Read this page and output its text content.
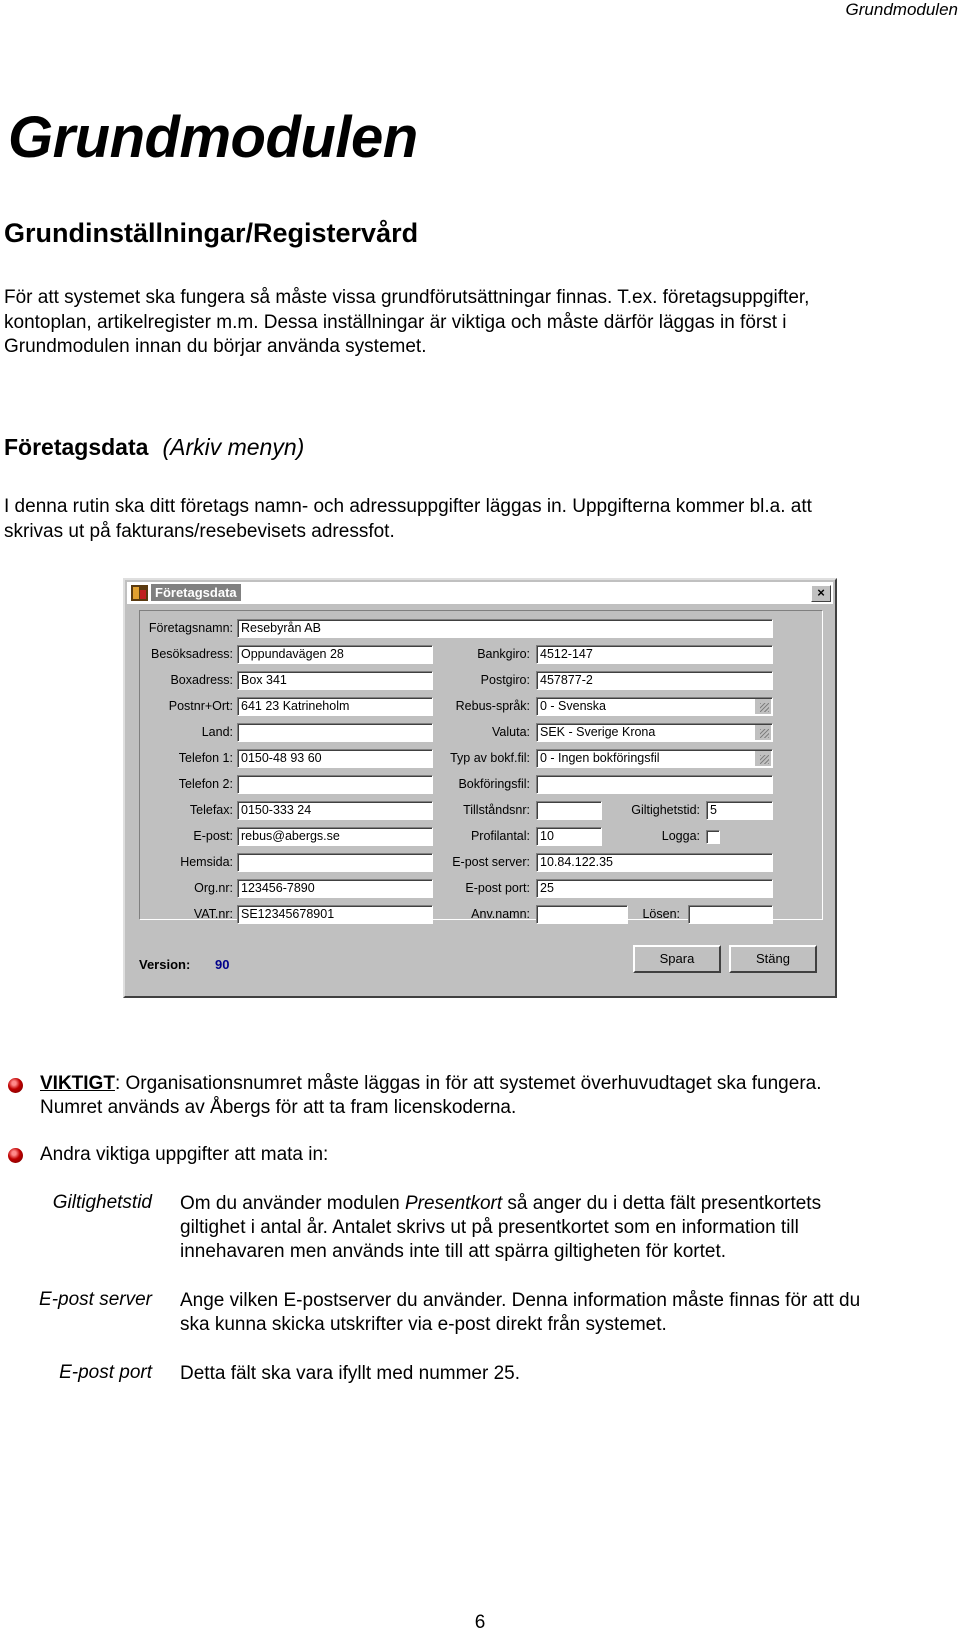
Grundmodulen
Grundmodulen
Grundinställningar/Registervård
För att systemet ska fungera så måste vissa grundförutsättningar finnas. T.ex. företagsuppgifter,
kontoplan, artikelregister m.m. Dessa inställningar är viktiga och måste därför läggas in först i
Grundmodulen innan du börjar använda systemet.
Företagsdata (Arkiv menyn)
I denna rutin ska ditt företags namn- och adressuppgifter läggas in. Uppgifterna kommer bl.a. att
skrivas ut på fakturans/resebevisets adressfot.
Företagsdata	×
Företagsnamn: Resebyrån AB
Besöksadress: Oppundavägen 28
Boxadress: Box 341
Postnr+Ort: 641 23 Katrineholm
Land:
Telefon 1: 0150-48 93 60
Telefon 2:
Telefax: 0150-333 24
E-post: rebus@abergs.se
Hemsida:
Org.nr: 123456-7890
VAT.nr: SE12345678901
Bankgiro: 4512-147
Postgiro: 457877-2
Rebus-språk: 0 - Svenska
Valuta: SEK - Sverige Krona
Typ av bokf.fil: 0 - Ingen bokföringsfil
Bokföringsfil:
Tillståndsnr:	Giltighetstid: 5
Profilantal: 10	Logga:
E-post server: 10.84.122.35
E-post port: 25
Anv.namn:	Lösen:
Version: 90	Spara	Stäng
VIKTIGT: Organisationsnumret måste läggas in för att systemet överhuvudtaget ska fungera.
Numret används av Åbergs för att ta fram licenskoderna.
Andra viktiga uppgifter att mata in:
Giltighetstid Om du använder modulen Presentkort så anger du i detta fält presentkortets
giltighet i antal år. Antalet skrivs ut på presentkortet som en information till
innehavaren men används inte till att spärra giltigheten för kortet.
E-post server Ange vilken E-postserver du använder. Denna information måste finnas för att du
ska kunna skicka utskrifter via e-post direkt från systemet.
E-post port Detta fält ska vara ifyllt med nummer 25.
6
